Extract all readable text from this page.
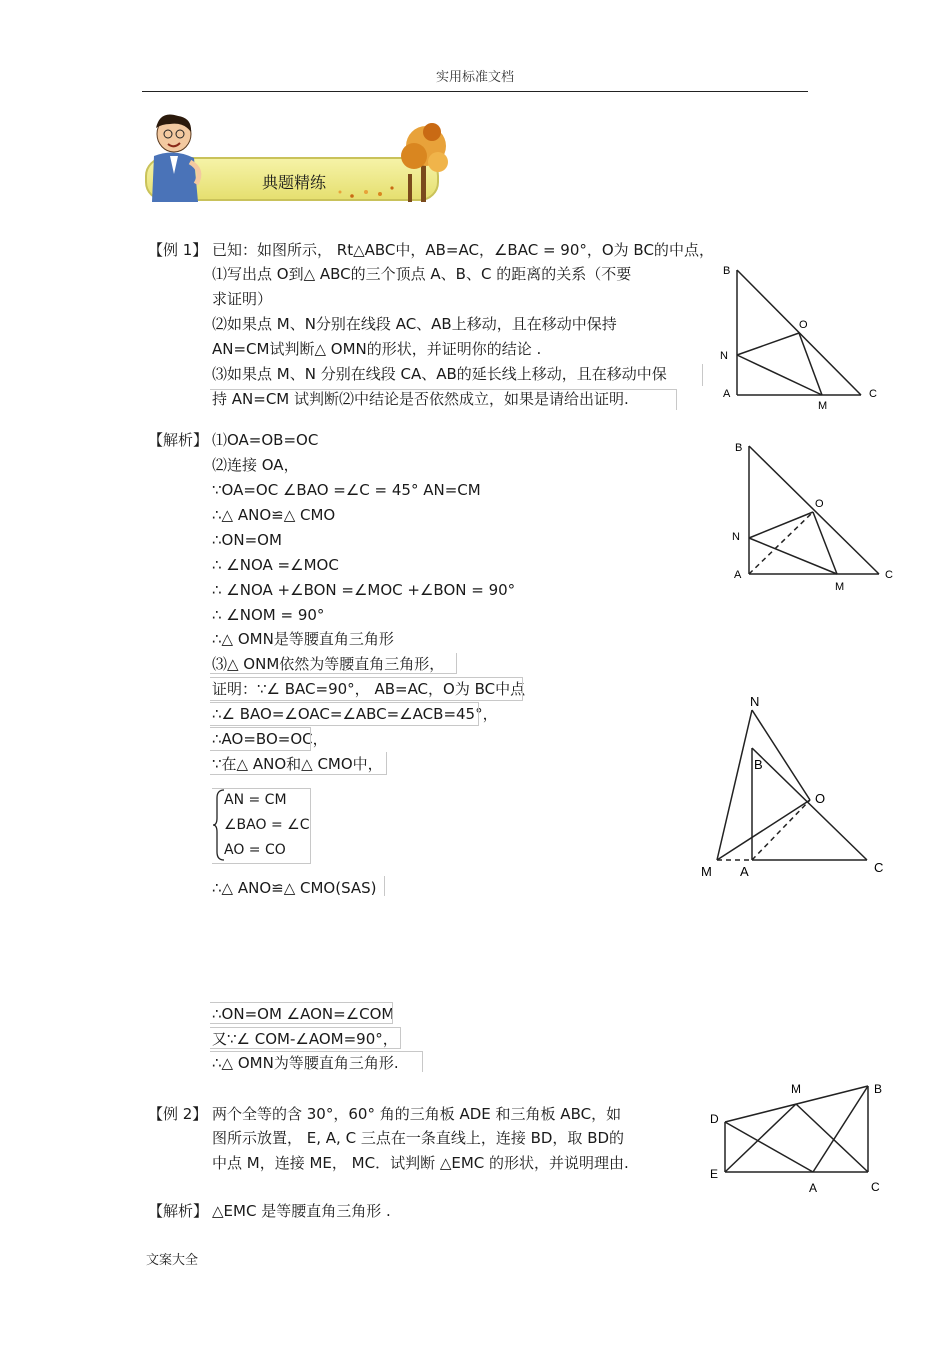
实用标准文档
典题精练
【例 1】 已知：如图所示， Rt△ABC中，AB=AC，∠BAC = 90°，O为 BC的中点，
⑴写出点 O到△ ABC的三个顶点 A、B、C 的距离的关系（不要
求证明）
⑵如果点 M、N分别在线段 AC、AB上移动，且在移动中保持
AN=CM试判断△ OMN的形状，并证明你的结论 .
⑶如果点 M、N 分别在线段 CA、AB的延长线上移动，且在移动中保
持 AN=CM 试判断⑵中结论是否依然成立，如果是请给出证明.
B
O
N
A
M
C
【解析】 ⑴OA=OB=OC
⑵连接 OA，
∵OA=OC ∠BAO =∠C = 45° AN=CM
∴△ ANO≌△ CMO
∴ON=OM
∴ ∠NOA =∠MOC
∴ ∠NOA +∠BON =∠MOC +∠BON = 90°
∴ ∠NOM = 90°
∴△ OMN是等腰直角三角形
⑶△ ONM依然为等腰直角三角形，
证明：∵∠ BAC=90°， AB=AC，O为 BC中点
∴∠ BAO=∠OAC=∠ABC=∠ACB=45°，
∴AO=BO=OC，
∵在△ ANO和△ CMO中，
AN = CM
∠BAO = ∠C
AO = CO
∴△ ANO≌△ CMO(SAS)
∴ON=OM ∠AON=∠COM
又∵∠ COM-∠AOM=90°，
∴△ OMN为等腰直角三角形.
B
O
N
A
M
C
N
B
O
M A	C
【例 2】 两个全等的含 30°，60° 角的三角板 ADE 和三角板 ABC，如
图所示放置， E, A, C 三点在一条直线上，连接 BD，取 BD的
中点 M，连接 ME， MC．试判断 △EMC 的形状，并说明理由.
M	B
D
E
A	C
【解析】 △EMC 是等腰直角三角形 .
文案大全
